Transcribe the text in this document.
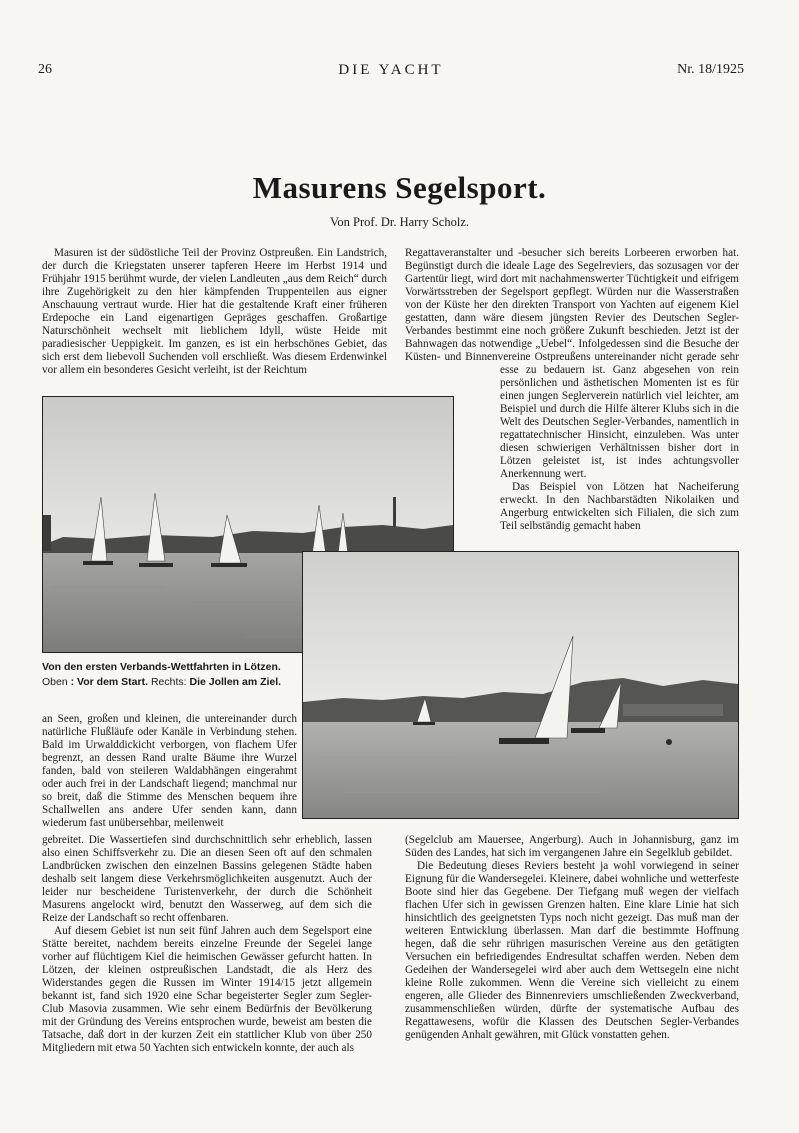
26	DIE YACHT	Nr. 18/1925
Masurens Segelsport.
Von Prof. Dr. Harry Scholz.

Masuren ist der südöstliche Teil der Provinz Ostpreußen. Ein Landstrich, der durch die Kriegstaten unserer tapferen Heere im Herbst 1914 und Frühjahr 1915 berühmt wurde, der vielen Landleuten „aus dem Reich“ durch ihre Zugehörigkeit zu den hier kämpfenden Truppenteilen aus eigner Anschauung vertraut wurde. Hier hat die gestaltende Kraft einer früheren Erdepoche ein Land eigenartigen Gepräges geschaffen. Großartige Naturschönheit wechselt mit lieblichem Idyll, wüste Heide mit paradiesischer Ueppigkeit. Im ganzen, es ist ein herbschönes Gebiet, das sich erst dem liebevoll Suchenden voll erschließt. Was diesem Erdenwinkel vor allem ein besonderes Gesicht verleiht, ist der Reichtum

Regattaveranstalter und -besucher sich bereits Lorbeeren erworben hat. Begünstigt durch die ideale Lage des Segelreviers, das sozusagen vor der Gartentür liegt, wird dort mit nachahmenswerter Tüchtigkeit und eifrigem Vorwärtsstreben der Segelsport gepflegt. Würden nur die Wasserstraßen von der Küste her den direkten Transport von Yachten auf eigenem Kiel gestatten, dann wäre diesem jüngsten Revier des Deutschen Segler-Verbandes bestimmt eine noch größere Zukunft beschieden. Jetzt ist der Bahnwagen das notwendige „Uebel“. Infolgedessen sind die Besuche der Küsten- und Binnenvereine Ostpreußens untereinander nicht gerade sehr

esse zu bedauern ist. Ganz abgesehen von rein persönlichen und ästhetischen Momenten ist es für einen jungen Seglerverein natürlich viel leichter, am Beispiel und durch die Hilfe älterer Klubs sich in die Welt des Deutschen Segler-Verbandes, namentlich in regattatechnischer Hinsicht, einzuleben. Was unter diesen schwierigen Verhältnissen bisher dort in Lötzen geleistet ist, ist indes achtungsvoller Anerkennung wert.

Das Beispiel von Lötzen hat Nacheiferung erweckt. In den Nachbarstädten Nikolaiken und Angerburg entwickelten sich Filialen, die sich zum Teil selbständig gemacht haben

Von den ersten Verbands-Wettfahrten in Lötzen.
Oben : Vor dem Start. Rechts: Die Jollen am Ziel.

an Seen, großen und kleinen, die untereinander durch natürliche Flußläufe oder Kanäle in Verbindung stehen. Bald im Urwalddickicht verborgen, von flachem Ufer begrenzt, an dessen Rand uralte Bäume ihre Wurzel fanden, bald von steileren Waldabhängen eingerahmt oder auch frei in der Landschaft liegend; manchmal nur so breit, daß die Stimme des Menschen bequem ihre Schallwellen ans andere Ufer senden kann, dann wiederum fast unübersehbar, meilenweit

gebreitet. Die Wassertiefen sind durchschnittlich sehr erheblich, lassen also einen Schiffsverkehr zu. Die an diesen Seen oft auf den schmalen Landbrücken zwischen den einzelnen Bassins gelegenen Städte haben deshalb seit langem diese Verkehrsmöglichkeiten ausgenutzt. Auch der leider nur bescheidene Turistenverkehr, der durch die Schönheit Masurens angelockt wird, benutzt den Wasserweg, auf dem sich die Reize der Landschaft so recht offenbaren.

Auf diesem Gebiet ist nun seit fünf Jahren auch dem Segelsport eine Stätte bereitet, nachdem bereits einzelne Freunde der Segelei lange vorher auf flüchtigem Kiel die heimischen Gewässer gefurcht hatten. In Lötzen, der kleinen ostpreußischen Landstadt, die als Herz des Widerstandes gegen die Russen im Winter 1914/15 jetzt allgemein bekannt ist, fand sich 1920 eine Schar begeisterter Segler zum Segler-Club Masovia zusammen. Wie sehr einem Bedürfnis der Bevölkerung mit der Gründung des Vereins entsprochen wurde, beweist am besten die Tatsache, daß dort in der kurzen Zeit ein stattlicher Klub von über 250 Mitgliedern mit etwa 50 Yachten sich entwickeln konnte, der auch als

(Segelclub am Mauersee, Angerburg). Auch in Johannisburg, ganz im Süden des Landes, hat sich im vergangenen Jahre ein Segelklub gebildet.

Die Bedeutung dieses Reviers besteht ja wohl vorwiegend in seiner Eignung für die Wandersegelei. Kleinere, dabei wohnliche und wetterfeste Boote sind hier das Gegebene. Der Tiefgang muß wegen der vielfach flachen Ufer sich in gewissen Grenzen halten. Eine klare Linie hat sich hinsichtlich des geeignetsten Typs noch nicht gezeigt. Das muß man der weiteren Entwicklung überlassen. Man darf die bestimmte Hoffnung hegen, daß die sehr rührigen masurischen Vereine aus den getätigten Versuchen ein befriedigendes Endresultat schaffen werden. Neben dem Gedeihen der Wandersegelei wird aber auch dem Wettsegeln eine nicht kleine Rolle zukommen. Wenn die Vereine sich vielleicht zu einem engeren, alle Glieder des Binnenreviers umschließenden Zweckverband, zusammenschließen würden, dürfte der systematische Aufbau des Regattawesens, wofür die Klassen des Deutschen Segler-Verbandes genügenden Anhalt gewähren, mit Glück vonstatten gehen.
